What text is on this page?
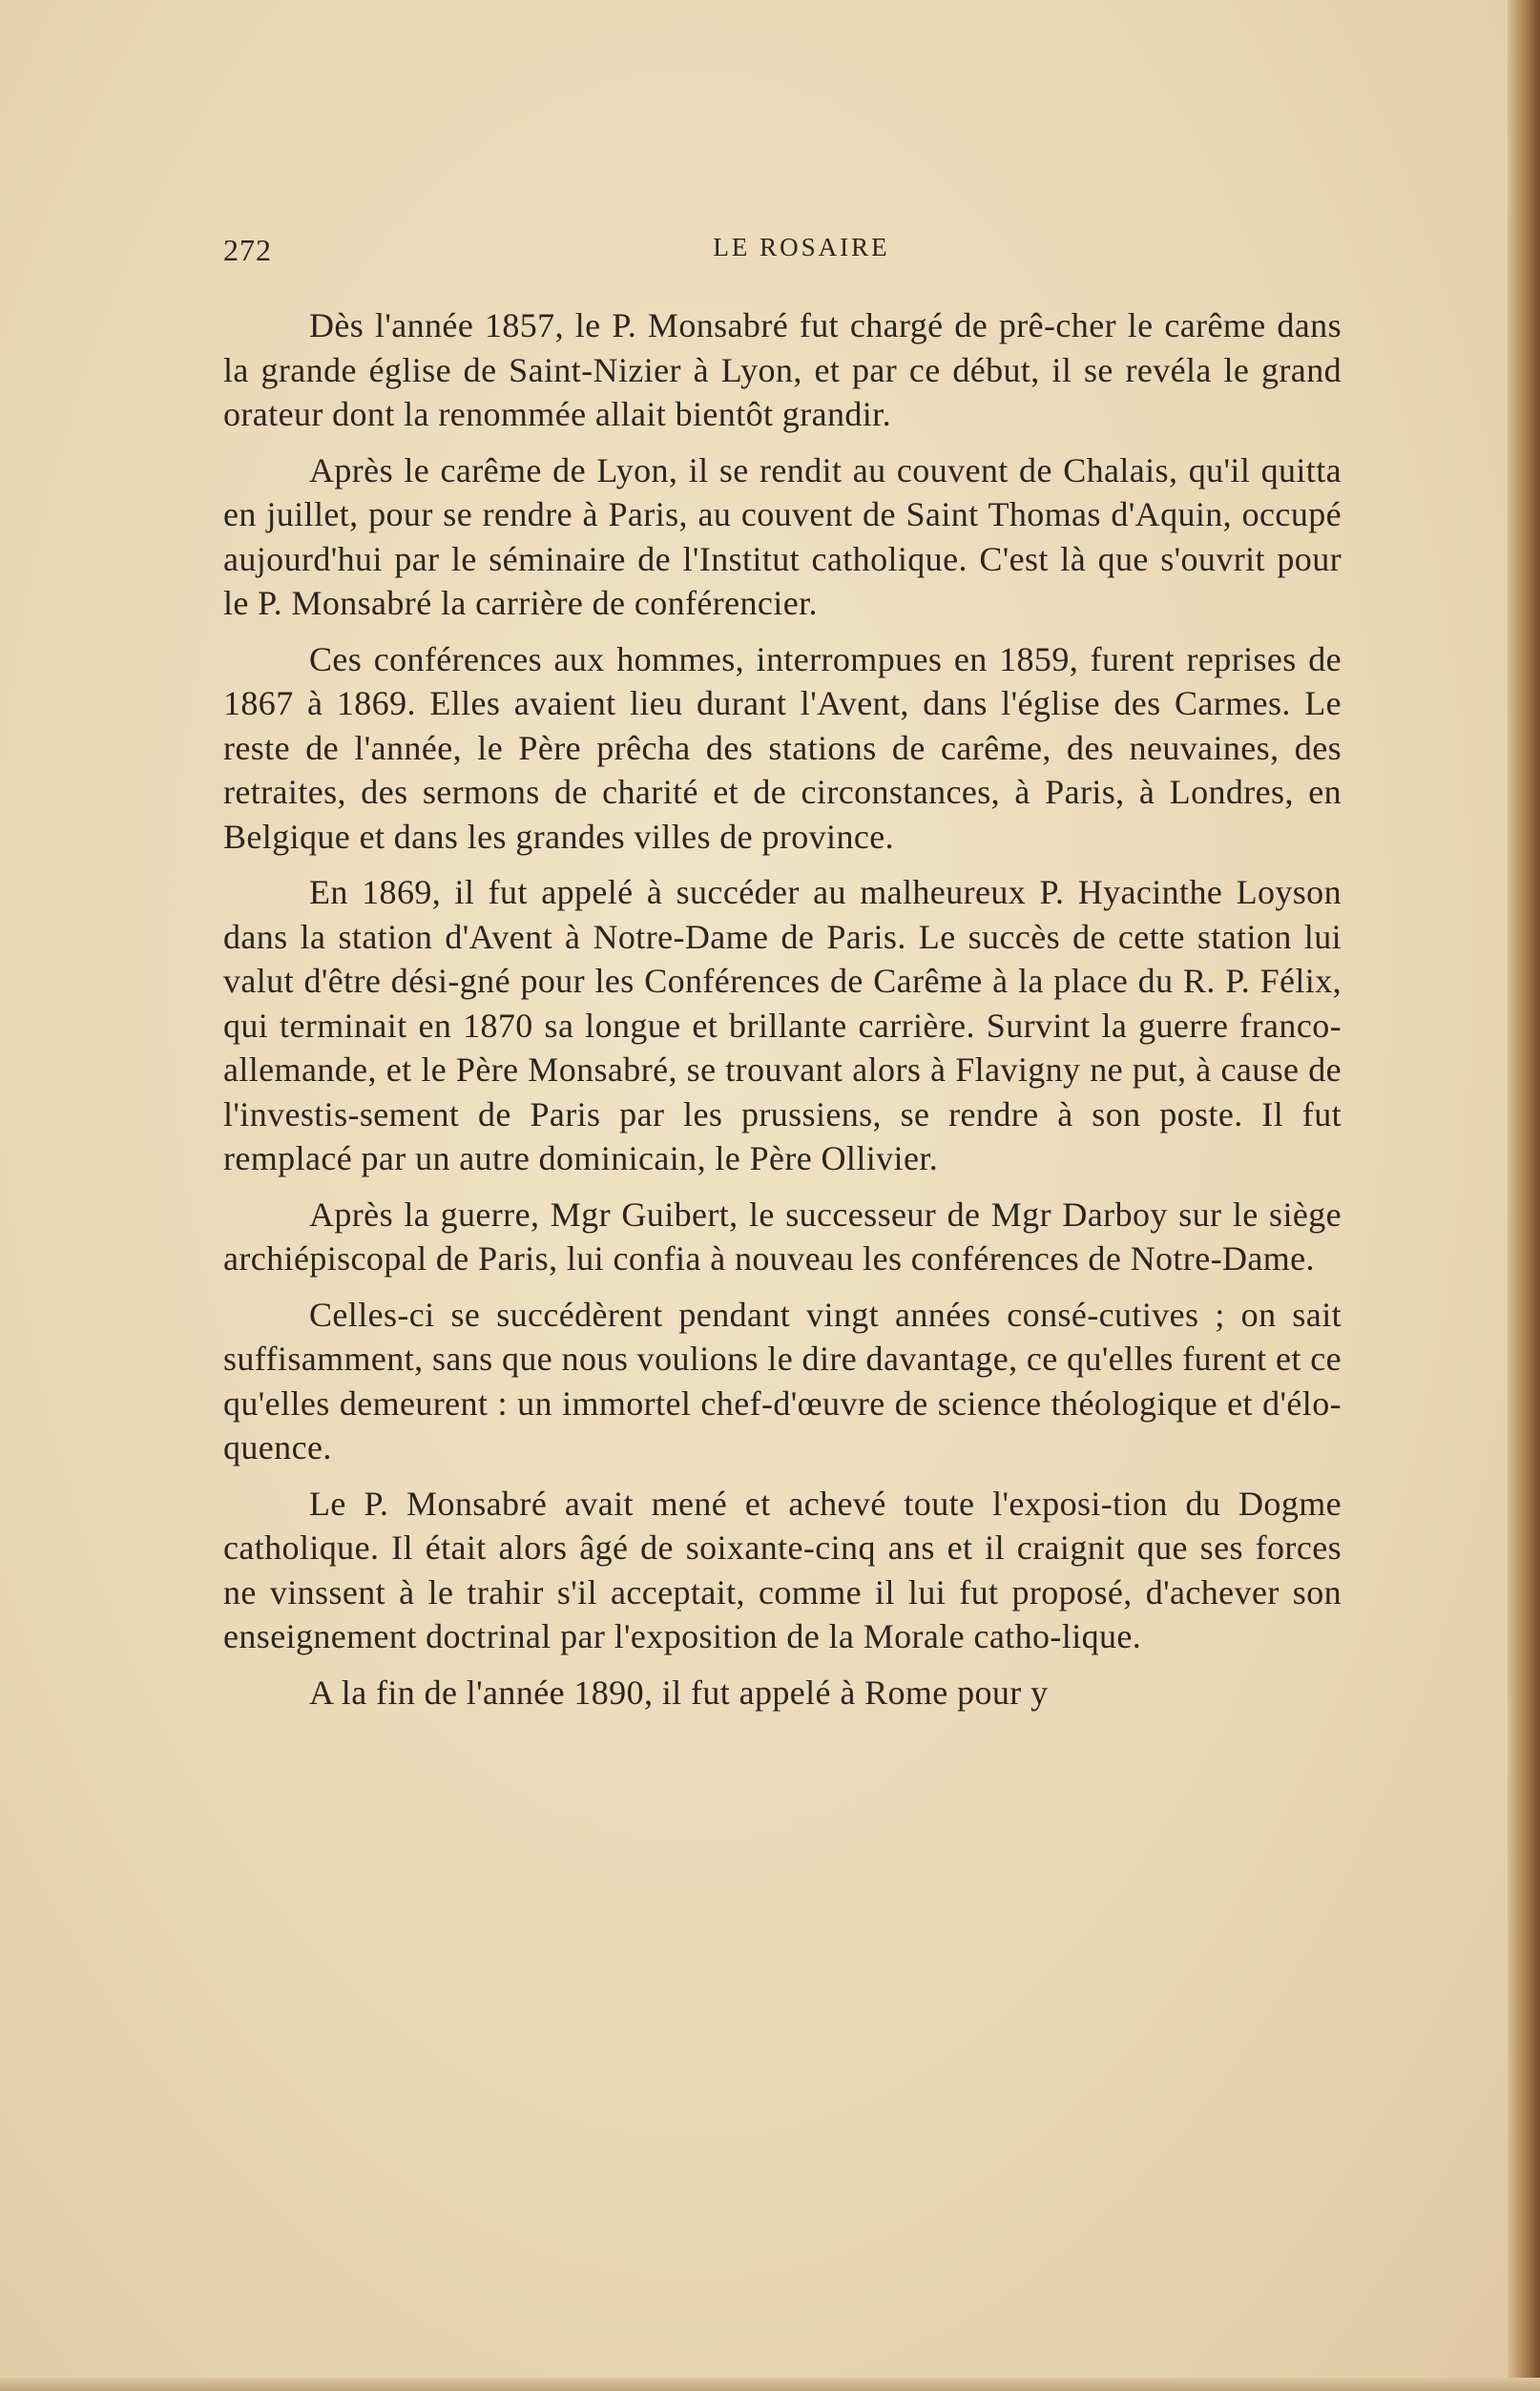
272	LE ROSAIRE

Dès l'année 1857, le P. Monsabré fut chargé de prê-cher le carême dans la grande église de Saint-Nizier à Lyon, et par ce début, il se revéla le grand orateur dont la renommée allait bientôt grandir.

Après le carême de Lyon, il se rendit au couvent de Chalais, qu'il quitta en juillet, pour se rendre à Paris, au couvent de Saint Thomas d'Aquin, occupé aujourd'hui par le séminaire de l'Institut catholique. C'est là que s'ouvrit pour le P. Monsabré la carrière de conférencier.

Ces conférences aux hommes, interrompues en 1859, furent reprises de 1867 à 1869. Elles avaient lieu durant l'Avent, dans l'église des Carmes. Le reste de l'année, le Père prêcha des stations de carême, des neuvaines, des retraites, des sermons de charité et de circonstances, à Paris, à Londres, en Belgique et dans les grandes villes de province.

En 1869, il fut appelé à succéder au malheureux P. Hyacinthe Loyson dans la station d'Avent à Notre-Dame de Paris. Le succès de cette station lui valut d'être dési-gné pour les Conférences de Carême à la place du R. P. Félix, qui terminait en 1870 sa longue et brillante carrière. Survint la guerre franco-allemande, et le Père Monsabré, se trouvant alors à Flavigny ne put, à cause de l'investis-sement de Paris par les prussiens, se rendre à son poste. Il fut remplacé par un autre dominicain, le Père Ollivier.

Après la guerre, Mgr Guibert, le successeur de Mgr Darboy sur le siège archiépiscopal de Paris, lui confia à nouveau les conférences de Notre-Dame.

Celles-ci se succédèrent pendant vingt années consé-cutives ; on sait suffisamment, sans que nous voulions le dire davantage, ce qu'elles furent et ce qu'elles demeurent : un immortel chef-d'œuvre de science théologique et d'élo-quence.

Le P. Monsabré avait mené et achevé toute l'exposi-tion du Dogme catholique. Il était alors âgé de soixante-cinq ans et il craignit que ses forces ne vinssent à le trahir s'il acceptait, comme il lui fut proposé, d'achever son enseignement doctrinal par l'exposition de la Morale catho-lique.

A la fin de l'année 1890, il fut appelé à Rome pour y
